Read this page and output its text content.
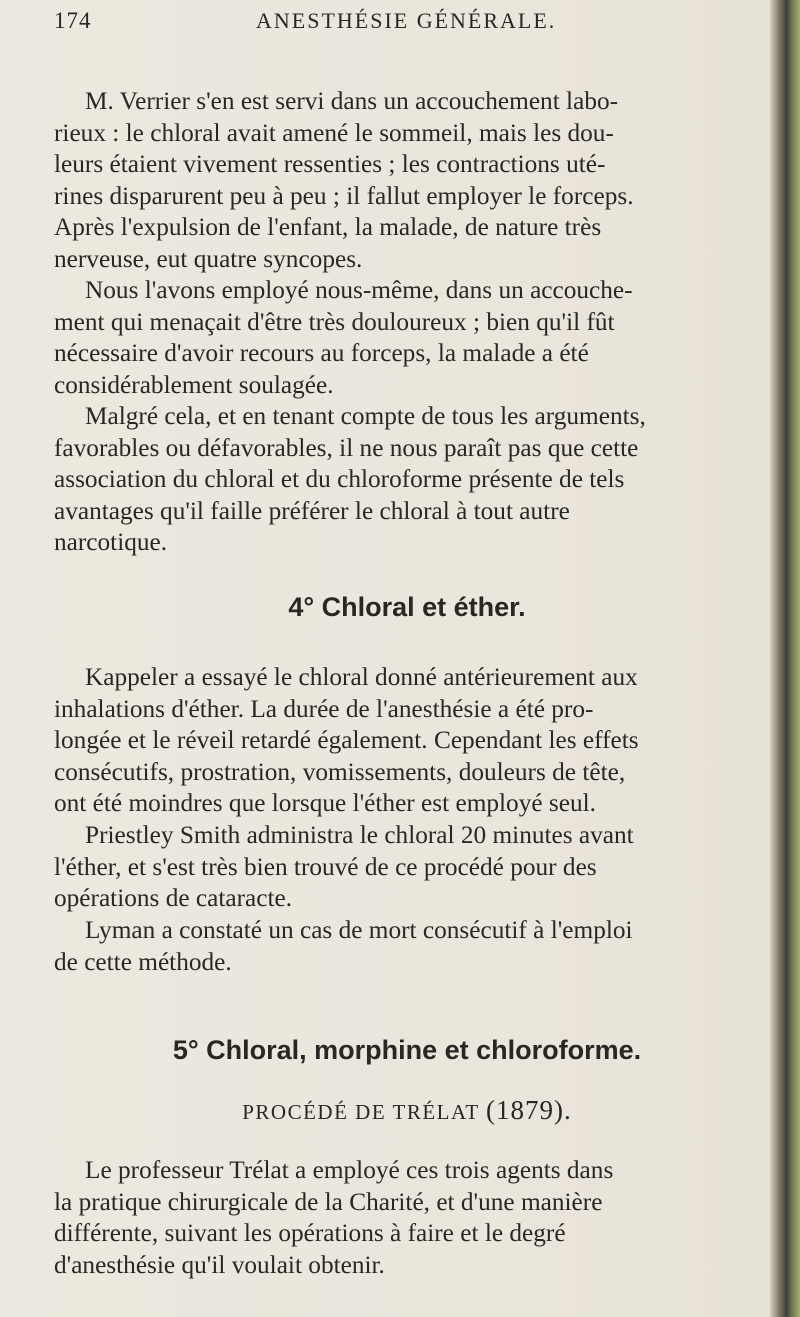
174	ANESTHÉSIE GÉNÉRALE.

M. Verrier s'en est servi dans un accouchement labo-
rieux : le chloral avait amené le sommeil, mais les dou-
leurs étaient vivement ressenties ; les contractions uté-
rines disparurent peu à peu ; il fallut employer le forceps.
Après l'expulsion de l'enfant, la malade, de nature très
nerveuse, eut quatre syncopes.

Nous l'avons employé nous-même, dans un accouche-
ment qui menaçait d'être très douloureux ; bien qu'il fût
nécessaire d'avoir recours au forceps, la malade a été
considérablement soulagée.

Malgré cela, et en tenant compte de tous les arguments,
favorables ou défavorables, il ne nous paraît pas que cette
association du chloral et du chloroforme présente de tels
avantages qu'il faille préférer le chloral à tout autre
narcotique.

4° Chloral et éther.

Kappeler a essayé le chloral donné antérieurement aux
inhalations d'éther. La durée de l'anesthésie a été pro-
longée et le réveil retardé également. Cependant les effets
consécutifs, prostration, vomissements, douleurs de tête,
ont été moindres que lorsque l'éther est employé seul.

Priestley Smith administra le chloral 20 minutes avant
l'éther, et s'est très bien trouvé de ce procédé pour des
opérations de cataracte.

Lyman a constaté un cas de mort consécutif à l'emploi
de cette méthode.

5° Chloral, morphine et chloroforme.

PROCÉDÉ DE TRÉLAT (1879).

Le professeur Trélat a employé ces trois agents dans
la pratique chirurgicale de la Charité, et d'une manière
différente, suivant les opérations à faire et le degré
d'anesthésie qu'il voulait obtenir.
